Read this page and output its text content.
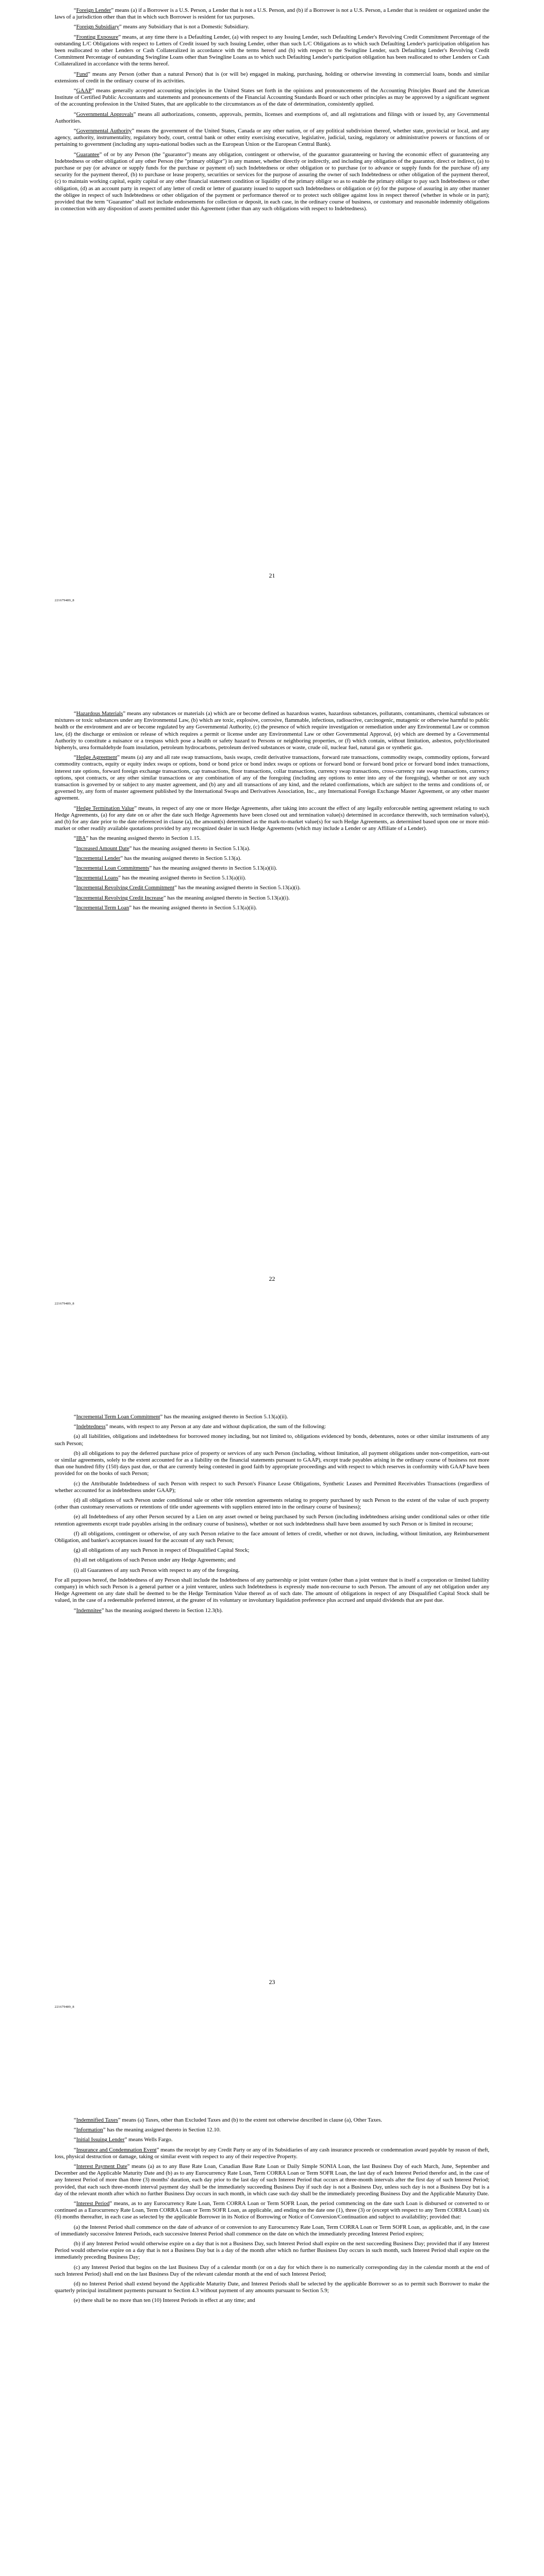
“Foreign Lender” means (a) if a Borrower is a U.S. Person, a Lender that is not a U.S. Person, and (b) if a Borrower is not a U.S. Person, a Lender that is resident or organized under the laws of a jurisdiction other than that in which such Borrower is resident for tax purposes.

“Foreign Subsidiary” means any Subsidiary that is not a Domestic Subsidiary.

“Fronting Exposure” means, at any time there is a Defaulting Lender, (a) with respect to any Issuing Lender, such Defaulting Lender's Revolving Credit Commitment Percentage of the outstanding L/C Obligations with respect to Letters of Credit issued by such Issuing Lender, other than such L/C Obligations as to which such Defaulting Lender's participation obligation has been reallocated to other Lenders or Cash Collateralized in accordance with the terms hereof and (b) with respect to the Swingline Lender, such Defaulting Lender's Revolving Credit Commitment Percentage of outstanding Swingline Loans other than Swingline Loans as to which such Defaulting Lender's participation obligation has been reallocated to other Lenders or Cash Collateralized in accordance with the terms hereof.

“Fund” means any Person (other than a natural Person) that is (or will be) engaged in making, purchasing, holding or otherwise investing in commercial loans, bonds and similar extensions of credit in the ordinary course of its activities.

“GAAP” means generally accepted accounting principles in the United States set forth in the opinions and pronouncements of the Accounting Principles Board and the American Institute of Certified Public Accountants and statements and pronouncements of the Financial Accounting Standards Board or such other principles as may be approved by a significant segment of the accounting profession in the United States, that are applicable to the circumstances as of the date of determination, consistently applied.

“Governmental Approvals” means all authorizations, consents, approvals, permits, licenses and exemptions of, and all registrations and filings with or issued by, any Governmental Authorities.

“Governmental Authority” means the government of the United States, Canada or any other nation, or of any political subdivision thereof, whether state, provincial or local, and any agency, authority, instrumentality, regulatory body, court, central bank or other entity exercising executive, legislative, judicial, taxing, regulatory or administrative powers or functions of or pertaining to government (including any supra-national bodies such as the European Union or the European Central Bank).

“Guarantee” of or by any Person (the "guarantor") means any obligation, contingent or otherwise, of the guarantor guaranteeing or having the economic effect of guaranteeing any Indebtedness or other obligation of any other Person (the "primary obligor") in any manner, whether directly or indirectly, and including any obligation of the guarantor, direct or indirect, (a) to purchase or pay (or advance or supply funds for the purchase or payment of) such Indebtedness or other obligation or to purchase (or to advance or supply funds for the purchase of) any security for the payment thereof, (b) to purchase or lease property, securities or services for the purpose of assuring the owner of such Indebtedness or other obligation of the payment thereof, (c) to maintain working capital, equity capital or any other financial statement condition or liquidity of the primary obligor so as to enable the primary obligor to pay such Indebtedness or other obligation, (d) as an account party in respect of any letter of credit or letter of guaranty issued to support such Indebtedness or obligation or (e) for the purpose of assuring in any other manner the obligee in respect of such Indebtedness or other obligation of the payment or performance thereof or to protect such obligee against loss in respect thereof (whether in whole or in part); provided that the term "Guarantee" shall not include endorsements for collection or deposit, in each case, in the ordinary course of business, or customary and reasonable indemnity obligations in connection with any disposition of assets permitted under this Agreement (other than any such obligations with respect to Indebtedness).

21

221679489_8

“Hazardous Materials” means any substances or materials (a) which are or become defined as hazardous wastes, hazardous substances, pollutants, contaminants, chemical substances or mixtures or toxic substances under any Environmental Law, (b) which are toxic, explosive, corrosive, flammable, infectious, radioactive, carcinogenic, mutagenic or otherwise harmful to public health or the environment and are or become regulated by any Governmental Authority, (c) the presence of which require investigation or remediation under any Environmental Law or common law, (d) the discharge or emission or release of which requires a permit or license under any Environmental Law or other Governmental Approval, (e) which are deemed by a Governmental Authority to constitute a nuisance or a trespass which pose a health or safety hazard to Persons or neighboring properties, or (f) which contain, without limitation, asbestos, polychlorinated biphenyls, urea formaldehyde foam insulation, petroleum hydrocarbons, petroleum derived substances or waste, crude oil, nuclear fuel, natural gas or synthetic gas.

“Hedge Agreement” means (a) any and all rate swap transactions, basis swaps, credit derivative transactions, forward rate transactions, commodity swaps, commodity options, forward commodity contracts, equity or equity index swaps or options, bond or bond price or bond index swaps or options or forward bond or forward bond price or forward bond index transactions, interest rate options, forward foreign exchange transactions, cap transactions, floor transactions, collar transactions, currency swap transactions, cross-currency rate swap transactions, currency options, spot contracts, or any other similar transactions or any combination of any of the foregoing (including any options to enter into any of the foregoing), whether or not any such transaction is governed by or subject to any master agreement, and (b) any and all transactions of any kind, and the related confirmations, which are subject to the terms and conditions of, or governed by, any form of master agreement published by the International Swaps and Derivatives Association, Inc., any International Foreign Exchange Master Agreement, or any other master agreement.

“Hedge Termination Value” means, in respect of any one or more Hedge Agreements, after taking into account the effect of any legally enforceable netting agreement relating to such Hedge Agreements, (a) for any date on or after the date such Hedge Agreements have been closed out and termination value(s) determined in accordance therewith, such termination value(s), and (b) for any date prior to the date referenced in clause (a), the amount(s) determined as the mark-to-market value(s) for such Hedge Agreements, as determined based upon one or more mid-market or other readily available quotations provided by any recognized dealer in such Hedge Agreements (which may include a Lender or any Affiliate of a Lender).

“IBA” has the meaning assigned thereto in Section 1.15.

“Increased Amount Date” has the meaning assigned thereto in Section 5.13(a).

“Incremental Lender” has the meaning assigned thereto in Section 5.13(a).

“Incremental Loan Commitments” has the meaning assigned thereto in Section 5.13(a)(ii).

“Incremental Loans” has the meaning assigned thereto in Section 5.13(a)(ii).

“Incremental Revolving Credit Commitment” has the meaning assigned thereto in Section 5.13(a)(i).

“Incremental Revolving Credit Increase” has the meaning assigned thereto in Section 5.13(a)(i).

“Incremental Term Loan” has the meaning assigned thereto in Section 5.13(a)(ii).

22

221679489_8

“Incremental Term Loan Commitment” has the meaning assigned thereto in Section 5.13(a)(ii).

“Indebtedness” means, with respect to any Person at any date and without duplication, the sum of the following:

(a) all liabilities, obligations and indebtedness for borrowed money including, but not limited to, obligations evidenced by bonds, debentures, notes or other similar instruments of any such Person;

(b) all obligations to pay the deferred purchase price of property or services of any such Person (including, without limitation, all payment obligations under non-competition, earn-out or similar agreements, solely to the extent accounted for as a liability on the financial statements pursuant to GAAP), except trade payables arising in the ordinary course of business not more than one hundred fifty (150) days past due, or that are currently being contested in good faith by appropriate proceedings and with respect to which reserves in conformity with GAAP have been provided for on the books of such Person;

(c) the Attributable Indebtedness of such Person with respect to such Person's Finance Lease Obligations, Synthetic Leases and Permitted Receivables Transactions (regardless of whether accounted for as indebtedness under GAAP);

(d) all obligations of such Person under conditional sale or other title retention agreements relating to property purchased by such Person to the extent of the value of such property (other than customary reservations or retentions of title under agreements with suppliers entered into in the ordinary course of business);

(e) all Indebtedness of any other Person secured by a Lien on any asset owned or being purchased by such Person (including indebtedness arising under conditional sales or other title retention agreements except trade payables arising in the ordinary course of business), whether or not such indebtedness shall have been assumed by such Person or is limited in recourse;

(f) all obligations, contingent or otherwise, of any such Person relative to the face amount of letters of credit, whether or not drawn, including, without limitation, any Reimbursement Obligation, and banker's acceptances issued for the account of any such Person;

(g) all obligations of any such Person in respect of Disqualified Capital Stock;

(h) all net obligations of such Person under any Hedge Agreements; and

(i) all Guarantees of any such Person with respect to any of the foregoing.

For all purposes hereof, the Indebtedness of any Person shall include the Indebtedness of any partnership or joint venture (other than a joint venture that is itself a corporation or limited liability company) in which such Person is a general partner or a joint venturer, unless such Indebtedness is expressly made non-recourse to such Person. The amount of any net obligation under any Hedge Agreement on any date shall be deemed to be the Hedge Termination Value thereof as of such date. The amount of obligations in respect of any Disqualified Capital Stock shall be valued, in the case of a redeemable preferred interest, at the greater of its voluntary or involuntary liquidation preference plus accrued and unpaid dividends that are past due.

“Indemnitee” has the meaning assigned thereto in Section 12.3(b).

23

221679489_8

“Indemnified Taxes” means (a) Taxes, other than Excluded Taxes and (b) to the extent not otherwise described in clause (a), Other Taxes.

“Information” has the meaning assigned thereto in Section 12.10.

“Initial Issuing Lender” means Wells Fargo.

“Insurance and Condemnation Event” means the receipt by any Credit Party or any of its Subsidiaries of any cash insurance proceeds or condemnation award payable by reason of theft, loss, physical destruction or damage, taking or similar event with respect to any of their respective Property.

“Interest Payment Date” means (a) as to any Base Rate Loan, Canadian Base Rate Loan or Daily Simple SONIA Loan, the last Business Day of each March, June, September and December and the Applicable Maturity Date and (b) as to any Eurocurrency Rate Loan, Term CORRA Loan or Term SOFR Loan, the last day of each Interest Period therefor and, in the case of any Interest Period of more than three (3) months' duration, each day prior to the last day of such Interest Period that occurs at three-month intervals after the first day of such Interest Period; provided, that each such three-month interval payment day shall be the immediately succeeding Business Day if such day is not a Business Day, unless such day is not a Business Day but is a day of the relevant month after which no further Business Day occurs in such month, in which case such day shall be the immediately preceding Business Day and the Applicable Maturity Date.

“Interest Period” means, as to any Eurocurrency Rate Loan, Term CORRA Loan or Term SOFR Loan, the period commencing on the date such Loan is disbursed or converted to or continued as a Eurocurrency Rate Loan, Term CORRA Loan or Term SOFR Loan, as applicable, and ending on the date one (1), three (3) or (except with respect to any Term CORRA Loan) six (6) months thereafter, in each case as selected by the applicable Borrower in its Notice of Borrowing or Notice of Conversion/Continuation and subject to availability; provided that:

(a) the Interest Period shall commence on the date of advance of or conversion to any Eurocurrency Rate Loan, Term CORRA Loan or Term SOFR Loan, as applicable, and, in the case of immediately successive Interest Periods, each successive Interest Period shall commence on the date on which the immediately preceding Interest Period expires;

(b) if any Interest Period would otherwise expire on a day that is not a Business Day, such Interest Period shall expire on the next succeeding Business Day; provided that if any Interest Period would otherwise expire on a day that is not a Business Day but is a day of the month after which no further Business Day occurs in such month, such Interest Period shall expire on the immediately preceding Business Day;

(c) any Interest Period that begins on the last Business Day of a calendar month (or on a day for which there is no numerically corresponding day in the calendar month at the end of such Interest Period) shall end on the last Business Day of the relevant calendar month at the end of such Interest Period;

(d) no Interest Period shall extend beyond the Applicable Maturity Date, and Interest Periods shall be selected by the applicable Borrower so as to permit such Borrower to make the quarterly principal installment payments pursuant to Section 4.3 without payment of any amounts pursuant to Section 5.9;

(e) there shall be no more than ten (10) Interest Periods in effect at any time; and
